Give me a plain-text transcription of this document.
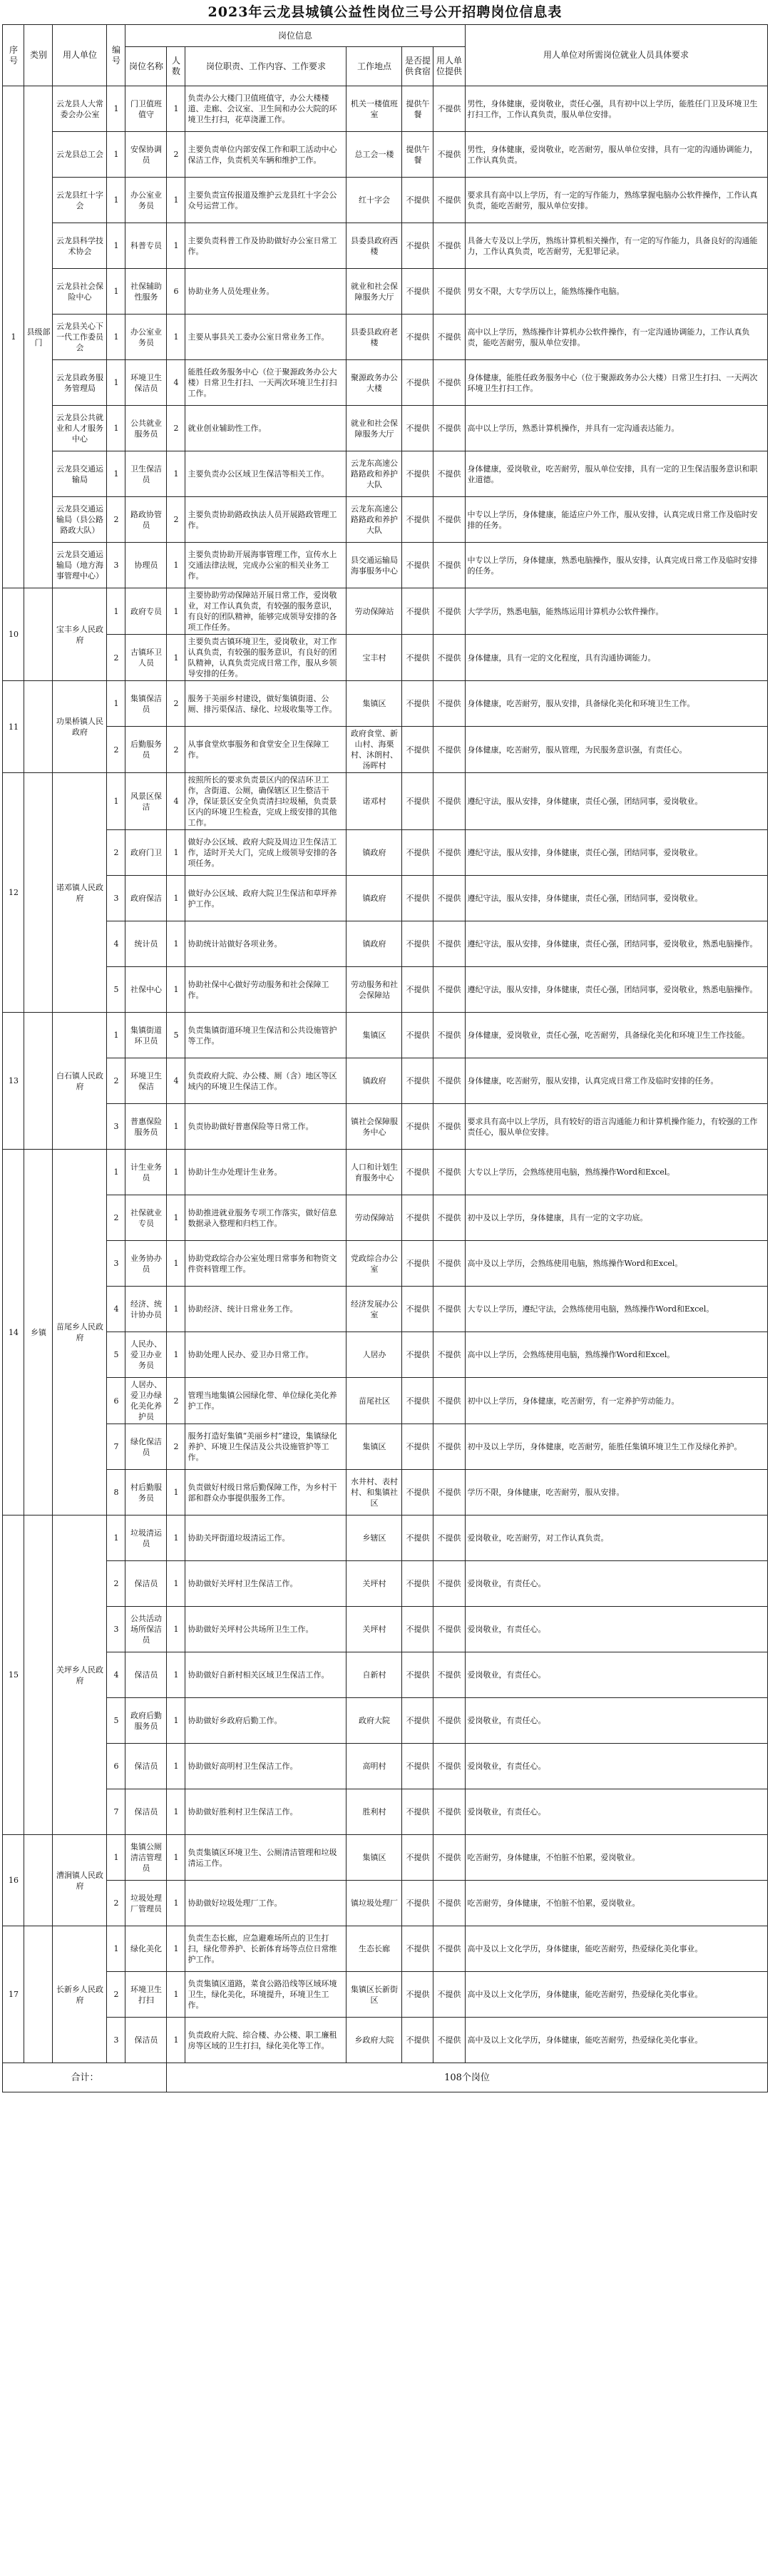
2023年云龙县城镇公益性岗位三号公开招聘岗位信息表
序号	类别	用人单位	编号	岗位信息						用人单位对所需岗位就业人员具体要求
				岗位名称	人数	岗位职责、工作内容、工作要求	工作地点	是否提供食宿	用人单位提供	
1	县级部门	云龙县人大常委会办公室	1	门卫值班值守	1	负责办公大楼门卫值班值守，办公大楼楼道、走廊、会议室、卫生间和办公大院的环境卫生打扫，花草浇灌工作。	机关一楼值班室	提供午餐	不提供	男性，身体健康，爱岗敬业，责任心强，具有初中以上学历，能胜任门卫及环境卫生打扫工作，工作认真负责，服从单位安排。
		云龙县总工会	1	安保协调员	2	主要负责单位内部安保工作和职工活动中心保洁工作，负责机关车辆和维护工作。	总工会一楼	提供午餐	不提供	男性，身体健康，爱岗敬业，吃苦耐劳，服从单位安排，具有一定的沟通协调能力，工作认真负责。
		云龙县红十字会	1	办公室业务员	1	主要负责宣传报道及维护云龙县红十字会公众号运营工作。	红十字会	不提供	不提供	要求具有高中以上学历，有一定的写作能力，熟练掌握电脑办公软件操作，工作认真负责，能吃苦耐劳，服从单位安排。
		云龙县科学技术协会	1	科普专员	1	主要负责科普工作及协助做好办公室日常工作。	县委县政府西楼	不提供	不提供	具备大专及以上学历，熟练计算机相关操作，有一定的写作能力，具备良好的沟通能力，工作认真负责，吃苦耐劳，无犯罪记录。
		云龙县社会保险中心	1	社保辅助性服务	6	协助业务人员处理业务。	就业和社会保障服务大厅	不提供	不提供	男女不限，大专学历以上，能熟练操作电脑。
		云龙县关心下一代工作委员会	1	办公室业务员	1	主要从事县关工委办公室日常业务工作。	县委县政府老楼	不提供	不提供	高中以上学历，熟练操作计算机办公软件操作，有一定沟通协调能力，工作认真负责，能吃苦耐劳，服从单位安排。
		云龙县政务服务管理局	1	环境卫生保洁员	4	能胜任政务服务中心（位于聚源政务办公大楼）日常卫生打扫、一天两次环境卫生打扫工作。	聚源政务办公大楼	不提供	不提供	身体健康，能胜任政务服务中心（位于聚源政务办公大楼）日常卫生打扫、一天两次环境卫生打扫工作。
		云龙县公共就业和人才服务中心	1	公共就业服务员	2	就业创业辅助性工作。	就业和社会保障服务大厅	不提供	不提供	高中以上学历，熟悉计算机操作，并具有一定沟通表达能力。
		云龙县交通运输局	1	卫生保洁员	1	主要负责办公区域卫生保洁等相关工作。	云龙东高速公路路政和养护大队	不提供	不提供	身体健康，爱岗敬业，吃苦耐劳，服从单位安排，具有一定的卫生保洁服务意识和职业道德。
		云龙县交通运输局（县公路路政大队）	2	路政协管员	2	主要负责协助路政执法人员开展路政管理工作。	云龙东高速公路路政和养护大队	不提供	不提供	中专以上学历，身体健康，能适应户外工作，服从安排，认真完成日常工作及临时安排的任务。
		云龙县交通运输局（地方海事管理中心）	3	协理员	1	主要负责协助开展海事管理工作，宣传水上交通法律法规，完成办公室的相关业务工作。	县交通运输局海事服务中心	不提供	不提供	中专以上学历，身体健康，熟悉电脑操作，服从安排，认真完成日常工作及临时安排的任务。
10		宝丰乡人民政府	1	政府专员	1	主要协助劳动保障站开展日常工作，爱岗敬业，对工作认真负责，有较强的服务意识，有良好的团队精神，能够完成领导安排的各项工作任务。	劳动保障站	不提供	不提供	大学学历，熟悉电脑，能熟练运用计算机办公软件操作。
			2	古镇环卫人员	1	主要负责古镇环境卫生，爱岗敬业，对工作认真负责，有较强的服务意识，有良好的团队精神，认真负责完成日常工作，服从乡领导安排的任务。	宝丰村	不提供	不提供	身体健康，具有一定的文化程度，具有沟通协调能力。
11		功果桥镇人民政府	1	集镇保洁员	2	服务于美丽乡村建设，做好集镇街道、公厕、排污渠保洁、绿化、垃圾收集等工作。	集镇区	不提供	不提供	身体健康，吃苦耐劳，服从安排，具备绿化美化和环境卫生工作。
			2	后勤服务员	2	从事食堂炊事服务和食堂安全卫生保障工作。	政府食堂、新山村、海栗村、沐朗村、汤晖村	不提供	不提供	身体健康，吃苦耐劳，服从管理，为民服务意识强，有责任心。
12		诺邓镇人民政府	1	风景区保洁	4	按照所长的要求负责景区内的保洁环卫工作，含街道、公厕，确保辖区卫生整洁干净，保证景区安全负责清扫垃圾桶，负责景区内的环境卫生检查，完成上级安排的其他工作。	诺邓村	不提供	不提供	遵纪守法，服从安排，身体健康，责任心强，团结同事，爱岗敬业。
			2	政府门卫	1	做好办公区域、政府大院及周边卫生保洁工作，适时开关大门，完成上级领导安排的各项任务。	镇政府	不提供	不提供	遵纪守法，服从安排，身体健康，责任心强，团结同事，爱岗敬业。
			3	政府保洁	1	做好办公区域、政府大院卫生保洁和草坪养护工作。	镇政府	不提供	不提供	遵纪守法，服从安排，身体健康，责任心强，团结同事，爱岗敬业。
			4	统计员	1	协助统计站做好各项业务。	镇政府	不提供	不提供	遵纪守法，服从安排，身体健康，责任心强，团结同事，爱岗敬业，熟悉电脑操作。
			5	社保中心	1	协助社保中心做好劳动服务和社会保障工作。	劳动服务和社会保障站	不提供	不提供	遵纪守法，服从安排，身体健康，责任心强，团结同事，爱岗敬业，熟悉电脑操作。
13		白石镇人民政府	1	集镇街道环卫员	5	负责集镇街道环境卫生保洁和公共设施管护等工作。	集镇区	不提供	不提供	身体健康，爱岗敬业，责任心强，吃苦耐劳，具备绿化美化和环境卫生工作技能。
			2	环境卫生保洁	4	负责政府大院、办公楼、厕（含）地区等区域内的环境卫生保洁工作。	镇政府	不提供	不提供	身体健康，吃苦耐劳，服从安排，认真完成日常工作及临时安排的任务。
			3	普惠保险服务员	1	负责协助做好普惠保险等日常工作。	镇社会保障服务中心	不提供	不提供	要求具有高中以上学历，具有较好的语言沟通能力和计算机操作能力，有较强的工作责任心，服从单位安排。
14	乡镇	苗尾乡人民政府	1	计生业务员	1	协助计生办处理计生业务。	人口和计划生育服务中心	不提供	不提供	大专以上学历，会熟练使用电脑，熟练操作Word和Excel。
			2	社保就业专员	1	协助推进就业服务专项工作落实，做好信息数据录入整理和归档工作。	劳动保障站	不提供	不提供	初中及以上学历，身体健康，具有一定的文字功底。
			3	业务协办员	1	协助党政综合办公室处理日常事务和物资文件资料管理工作。	党政综合办公室	不提供	不提供	高中及以上学历，会熟练使用电脑，熟练操作Word和Excel。
			4	经济、统计协办员	1	协助经济、统计日常业务工作。	经济发展办公室	不提供	不提供	大专以上学历，遵纪守法，会熟练使用电脑，熟练操作Word和Excel。
			5	人民办、爱卫办业务员	1	协助处理人民办、爱卫办日常工作。	人居办	不提供	不提供	高中以上学历，会熟练使用电脑，熟练操作Word和Excel。
			6	人居办、爱卫办绿化美化养护员	2	管理当地集镇公园绿化带、单位绿化美化养护工作。	苗尾社区	不提供	不提供	初中以上学历，身体健康，吃苦耐劳，有一定养护劳动能力。
			7	绿化保洁员	2	服务打造好集镇“美丽乡村”建设，集镇绿化养护、环境卫生保洁及公共设施管护等工作。	集镇区	不提供	不提供	初中及以上学历，身体健康，吃苦耐劳，能胜任集镇环境卫生工作及绿化养护。
			8	村后勤服务员	1	负责做好村级日常后勤保障工作，为乡村干部和群众办事提供服务工作。	水井村、表村村、和集镇社区	不提供	不提供	学历不限，身体健康，吃苦耐劳，服从安排。
15		关坪乡人民政府	1	垃圾清运员	1	协助关坪街道垃圾清运工作。	乡辖区	不提供	不提供	爱岗敬业，吃苦耐劳，对工作认真负责。
			2	保洁员	1	协助做好关坪村卫生保洁工作。	关坪村	不提供	不提供	爱岗敬业，有责任心。
			3	公共活动场所保洁员	1	协助做好关坪村公共场所卫生工作。	关坪村	不提供	不提供	爱岗敬业，有责任心。
			4	保洁员	1	协助做好自新村相关区域卫生保洁工作。	自新村	不提供	不提供	爱岗敬业，有责任心。
			5	政府后勤服务员	1	协助做好乡政府后勤工作。	政府大院	不提供	不提供	爱岗敬业，有责任心。
			6	保洁员	1	协助做好高明村卫生保洁工作。	高明村	不提供	不提供	爱岗敬业，有责任心。
			7	保洁员	1	协助做好胜利村卫生保洁工作。	胜利村	不提供	不提供	爱岗敬业，有责任心。
16		漕涧镇人民政府	1	集镇公厕清洁管理员	1	负责集镇区环境卫生、公厕清洁管理和垃圾清运工作。	集镇区	不提供	不提供	吃苦耐劳，身体健康，不怕脏不怕累，爱岗敬业。
			2	垃圾处理厂管理员	1	协助做好垃圾处理厂工作。	镇垃圾处理厂	不提供	不提供	吃苦耐劳，身体健康，不怕脏不怕累，爱岗敬业。
17		长新乡人民政府	1	绿化美化	1	负责生态长廊，应急避难场所点的卫生打扫，绿化带养护、长新体育场等点位日常维护工作。	生态长廊	不提供	不提供	高中及以上文化学历，身体健康，能吃苦耐劳，热爱绿化美化事业。
			2	环境卫生打扫	1	负责集镇区道路，菜食公路沿线等区域环境卫生，绿化美化，环境提升，环境卫生工作。	集镇区长新街区	不提供	不提供	高中及以上文化学历，身体健康，能吃苦耐劳，热爱绿化美化事业。
			3	保洁员	1	负责政府大院、综合楼、办公楼、职工廉租房等区域的卫生打扫，绿化美化等工作。	乡政府大院	不提供	不提供	高中及以上文化学历，身体健康，能吃苦耐劳，热爱绿化美化事业。
合计：					108个岗位					
